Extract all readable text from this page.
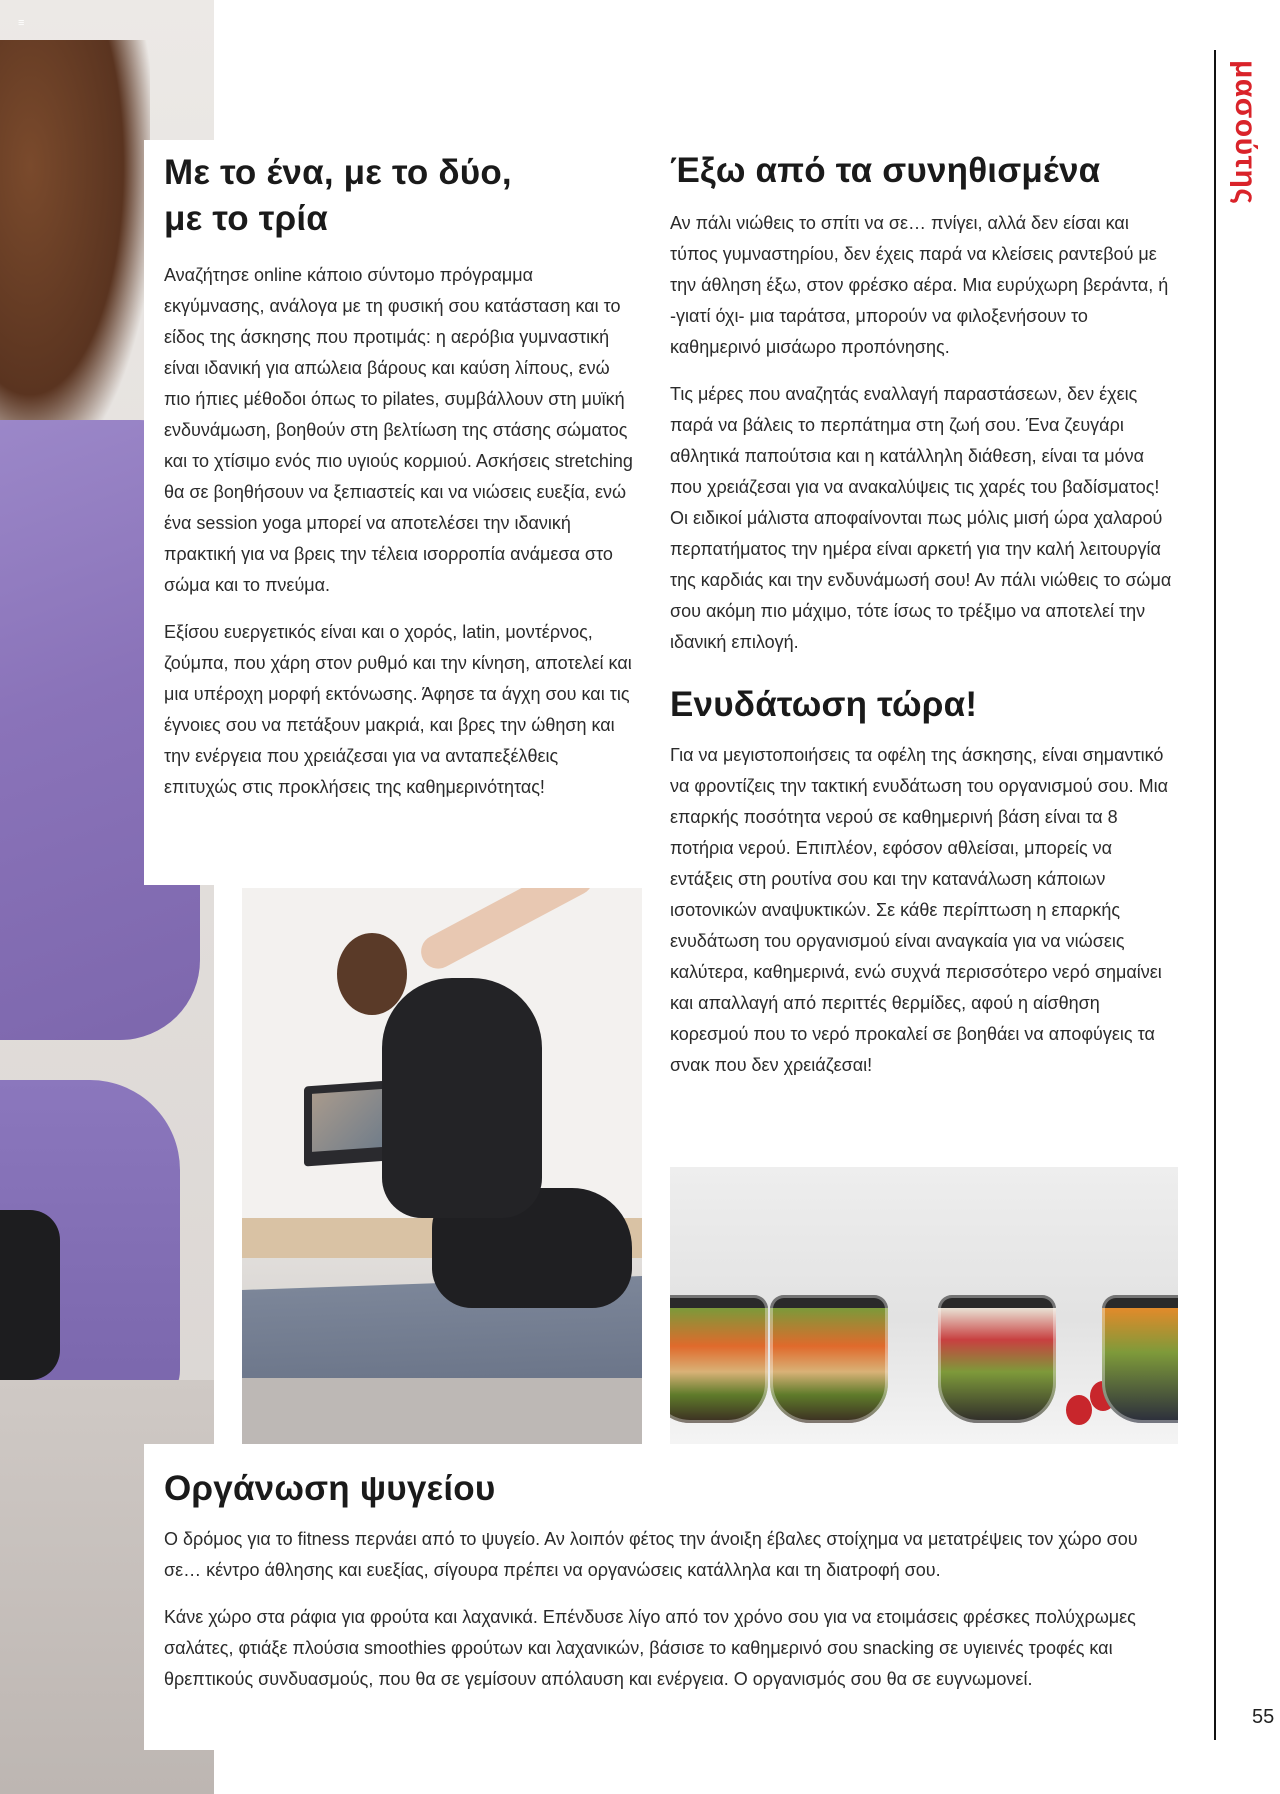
≡
Με το ένα, με το δύο,
με το τρία

Αναζήτησε online κάποιο σύντομο πρόγραμμα εκγύμνασης, ανάλογα με τη φυσική σου κατάσταση και το είδος της άσκησης που προτιμάς: η αερόβια γυμναστική είναι ιδανική για απώλεια βάρους και καύση λίπους, ενώ πιο ήπιες μέθοδοι όπως το pilates, συμβάλλουν στη μυϊκή ενδυνάμωση, βοηθούν στη βελτίωση της στάσης σώματος και το χτίσιμο ενός πιο υγιούς κορμιού. Ασκήσεις stretching θα σε βοηθήσουν να ξεπιαστείς και να νιώσεις ευεξία, ενώ ένα session yoga μπορεί να αποτελέσει την ιδανική πρακτική για να βρεις την τέλεια ισορροπία ανάμεσα στο σώμα και το πνεύμα.

Εξίσου ευεργετικός είναι και ο χορός, latin, μοντέρνος, ζούμπα, που χάρη στον ρυθμό και την κίνηση, αποτελεί και μια υπέροχη μορφή εκτόνωσης. Άφησε τα άγχη σου και τις έγνοιες σου να πετάξουν μακριά, και βρες την ώθηση και την ενέργεια που χρειάζεσαι για να ανταπεξέλθεις επιτυχώς στις προκλήσεις της καθημερινότητας!

Έξω από τα συνηθισμένα

Αν πάλι νιώθεις το σπίτι να σε… πνίγει, αλλά δεν είσαι και τύπος γυμναστηρίου, δεν έχεις παρά να κλείσεις ραντεβού με την άθληση έξω, στον φρέσκο αέρα. Μια ευρύχωρη βεράντα, ή -γιατί όχι- μια ταράτσα, μπορούν να φιλοξενήσουν το καθημερινό μισάωρο προπόνησης.

Τις μέρες που αναζητάς εναλλαγή παραστάσεων, δεν έχεις παρά να βάλεις το περπάτημα στη ζωή σου. Ένα ζευγάρι αθλητικά παπούτσια και η κατάλληλη διάθεση, είναι τα μόνα που χρειάζεσαι για να ανακαλύψεις τις χαρές του βαδίσματος! Οι ειδικοί μάλιστα αποφαίνονται πως μόλις μισή ώρα χαλαρού περπατήματος την ημέρα είναι αρκετή για την καλή λειτουργία της καρδιάς και την ενδυνάμωσή σου! Αν πάλι νιώθεις το σώμα σου ακόμη πιο μάχιμο, τότε ίσως το τρέξιμο να αποτελεί την ιδανική επιλογή.

Ενυδάτωση τώρα!

Για να μεγιστοποιήσεις τα οφέλη της άσκησης, είναι σημαντικό να φροντίζεις την τακτική ενυδάτωση του οργανισμού σου. Μια επαρκής ποσότητα νερού σε καθημερινή βάση είναι τα 8 ποτήρια νερού. Επιπλέον, εφόσον αθλείσαι, μπορείς να εντάξεις στη ρουτίνα σου και την κατανάλωση κάποιων ισοτονικών αναψυκτικών. Σε κάθε περίπτωση η επαρκής ενυδάτωση του οργανισμού είναι αναγκαία για να νιώσεις καλύτερα, καθημερινά, ενώ συχνά περισσότερο νερό σημαίνει και απαλλαγή από περιττές θερμίδες, αφού η αίσθηση κορεσμού που το νερό προκαλεί σε βοηθάει να αποφύγεις τα σνακ που δεν χρειάζεσαι!

Οργάνωση ψυγείου

Ο δρόμος για το fitness περνάει από το ψυγείο. Αν λοιπόν φέτος την άνοιξη έβαλες στοίχημα να μετατρέψεις τον χώρο σου σε… κέντρο άθλησης και ευεξίας, σίγουρα πρέπει να οργανώσεις κατάλληλα και τη διατροφή σου.

Κάνε χώρο στα ράφια για φρούτα και λαχανικά. Επένδυσε λίγο από τον χρόνο σου για να ετοιμάσεις φρέσκες πολύχρωμες σαλάτες, φτιάξε πλούσια smoothies φρούτων και λαχανικών, βάσισε το καθημερινό σου snacking σε υγιεινές τροφές και θρεπτικούς συνδυασμούς, που θα σε γεμίσουν απόλαυση και ενέργεια. Ο οργανισμός σου θα σε ευγνωμονεί.

μασούτης
55
